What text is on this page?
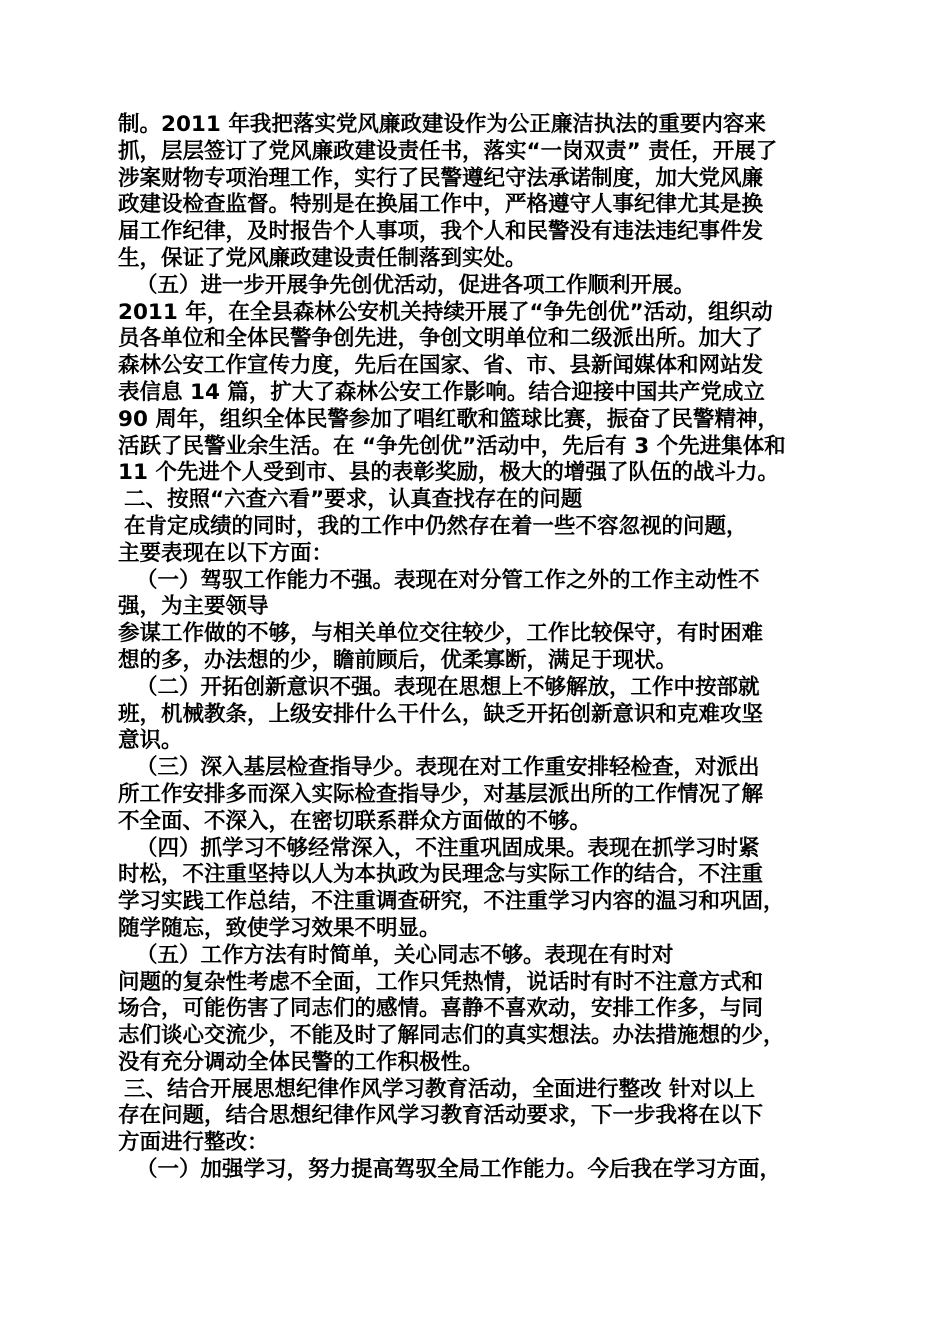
制。2011 年我把落实党风廉政建设作为公正廉洁执法的重要内容来
抓，层层签订了党风廉政建设责任书，落实“一岗双责” 责任，开展了
涉案财物专项治理工作，实行了民警遵纪守法承诺制度，加大党风廉
政建设检查监督。特别是在换届工作中，严格遵守人事纪律尤其是换
届工作纪律，及时报告个人事项，我个人和民警没有违法违纪事件发
生，保证了党风廉政建设责任制落到实处。
（五）进一步开展争先创优活动，促进各项工作顺利开展。
2011 年，在全县森林公安机关持续开展了“争先创优”活动，组织动
员各单位和全体民警争创先进，争创文明单位和二级派出所。加大了
森林公安工作宣传力度，先后在国家、省、市、县新闻媒体和网站发
表信息 14 篇，扩大了森林公安工作影响。结合迎接中国共产党成立
90 周年，组织全体民警参加了唱红歌和篮球比赛，振奋了民警精神，
活跃了民警业余生活。在 “争先创优”活动中，先后有 3 个先进集体和
11 个先进个人受到市、县的表彰奖励，极大的增强了队伍的战斗力。
二、按照“六查六看”要求，认真查找存在的问题
在肯定成绩的同时，我的工作中仍然存在着一些不容忽视的问题，
主要表现在以下方面：
（一）驾驭工作能力不强。表现在对分管工作之外的工作主动性不
强，为主要领导
参谋工作做的不够，与相关单位交往较少，工作比较保守，有时困难
想的多，办法想的少，瞻前顾后，优柔寡断，满足于现状。
（二）开拓创新意识不强。表现在思想上不够解放，工作中按部就
班，机械教条，上级安排什么干什么，缺乏开拓创新意识和克难攻坚
意识。
（三）深入基层检查指导少。表现在对工作重安排轻检查，对派出
所工作安排多而深入实际检查指导少，对基层派出所的工作情况了解
不全面、不深入，在密切联系群众方面做的不够。
（四）抓学习不够经常深入，不注重巩固成果。表现在抓学习时紧
时松，不注重坚持以人为本执政为民理念与实际工作的结合，不注重
学习实践工作总结，不注重调查研究，不注重学习内容的温习和巩固，
随学随忘，致使学习效果不明显。
（五）工作方法有时简单，关心同志不够。表现在有时对
问题的复杂性考虑不全面，工作只凭热情，说话时有时不注意方式和
场合，可能伤害了同志们的感情。喜静不喜欢动，安排工作多，与同
志们谈心交流少，不能及时了解同志们的真实想法。办法措施想的少，
没有充分调动全体民警的工作积极性。
三、结合开展思想纪律作风学习教育活动，全面进行整改 针对以上
存在问题，结合思想纪律作风学习教育活动要求，下一步我将在以下
方面进行整改：
（一）加强学习，努力提高驾驭全局工作能力。今后我在学习方面，
